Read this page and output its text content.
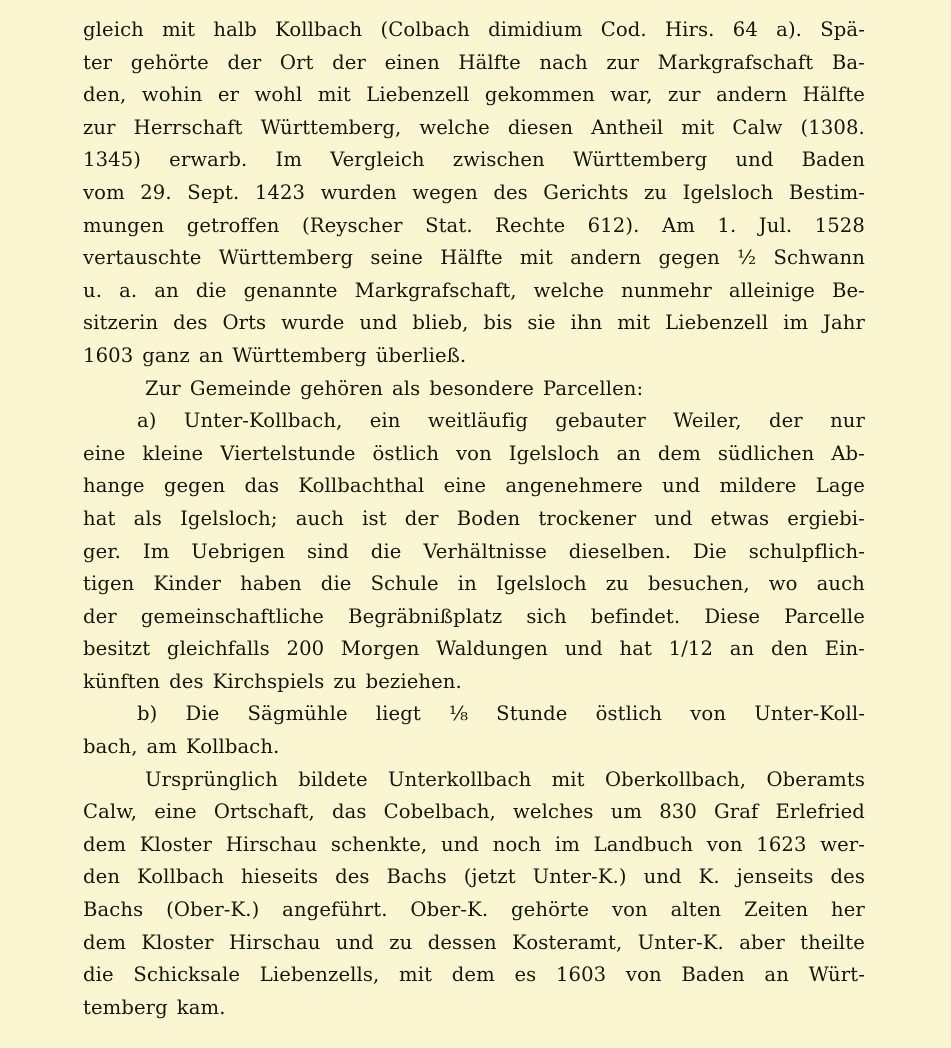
gleich mit halb Kollbach (Colbach dimidium Cod. Hirs. 64 a). Spä-
ter gehörte der Ort der einen Hälfte nach zur Markgrafschaft Ba-
den, wohin er wohl mit Liebenzell gekommen war, zur andern Hälfte
zur Herrschaft Württemberg, welche diesen Antheil mit Calw (1308.
1345) erwarb. Im Vergleich zwischen Württemberg und Baden
vom 29. Sept. 1423 wurden wegen des Gerichts zu Igelsloch Bestim-
mungen getroffen (Reyscher Stat. Rechte 612). Am 1. Jul. 1528
vertauschte Württemberg seine Hälfte mit andern gegen ½ Schwann
u. a. an die genannte Markgrafschaft, welche nunmehr alleinige Be-
sitzerin des Orts wurde und blieb, bis sie ihn mit Liebenzell im Jahr
1603 ganz an Württemberg überließ.
Zur Gemeinde gehören als besondere Parcellen:
a) Unter-Kollbach, ein weitläufig gebauter Weiler, der nur
eine kleine Viertelstunde östlich von Igelsloch an dem südlichen Ab-
hange gegen das Kollbachthal eine angenehmere und mildere Lage
hat als Igelsloch; auch ist der Boden trockener und etwas ergiebi-
ger. Im Uebrigen sind die Verhältnisse dieselben. Die schulpflich-
tigen Kinder haben die Schule in Igelsloch zu besuchen, wo auch
der gemeinschaftliche Begräbnißplatz sich befindet. Diese Parcelle
besitzt gleichfalls 200 Morgen Waldungen und hat 1/12 an den Ein-
künften des Kirchspiels zu beziehen.
b) Die Sägmühle liegt ⅛ Stunde östlich von Unter-Koll-
bach, am Kollbach.
Ursprünglich bildete Unterkollbach mit Oberkollbach, Oberamts
Calw, eine Ortschaft, das Cobelbach, welches um 830 Graf Erlefried
dem Kloster Hirschau schenkte, und noch im Landbuch von 1623 wer-
den Kollbach hieseits des Bachs (jetzt Unter-K.) und K. jenseits des
Bachs (Ober-K.) angeführt. Ober-K. gehörte von alten Zeiten her
dem Kloster Hirschau und zu dessen Kosteramt, Unter-K. aber theilte
die Schicksale Liebenzells, mit dem es 1603 von Baden an Würt-
temberg kam.
